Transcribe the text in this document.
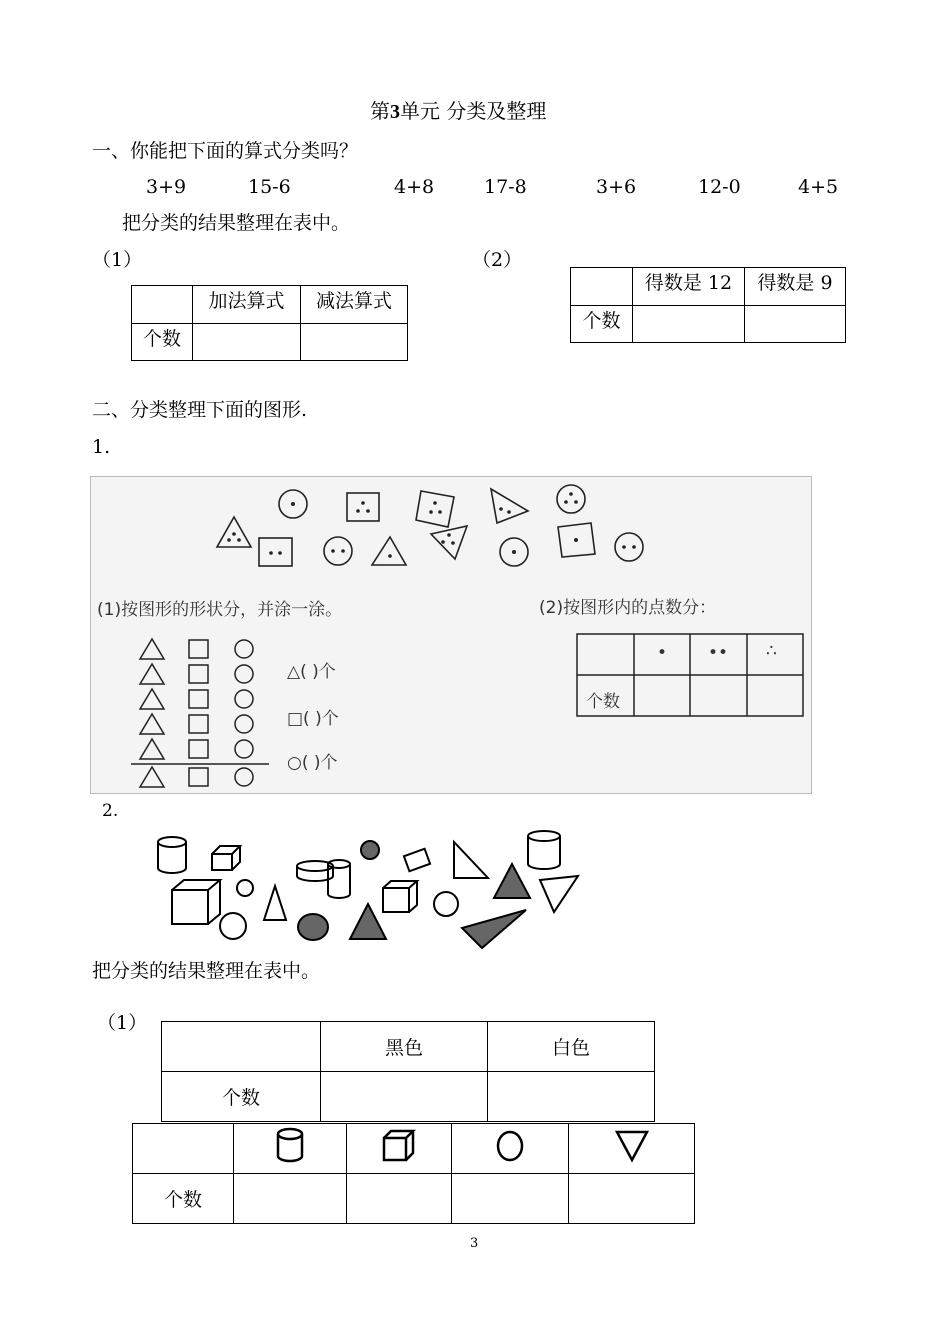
第3单元 分类及整理
一、你能把下面的算式分类吗？
3+9	15-6	4+8	17-8	3+6	12-0	4+5
把分类的结果整理在表中。
（1）	（2）
	加法算式	减法算式
个数		
	得数是 12	得数是 9
个数		
二、分类整理下面的图形.
1.
(1)按图形的形状分，并涂一涂。	(2)按图形内的点数分：
△( )个
□( )个
○( )个
• •• ∴
个数
2.
把分类的结果整理在表中。
（1）
	黑色	白色
个数		

个数				
3
